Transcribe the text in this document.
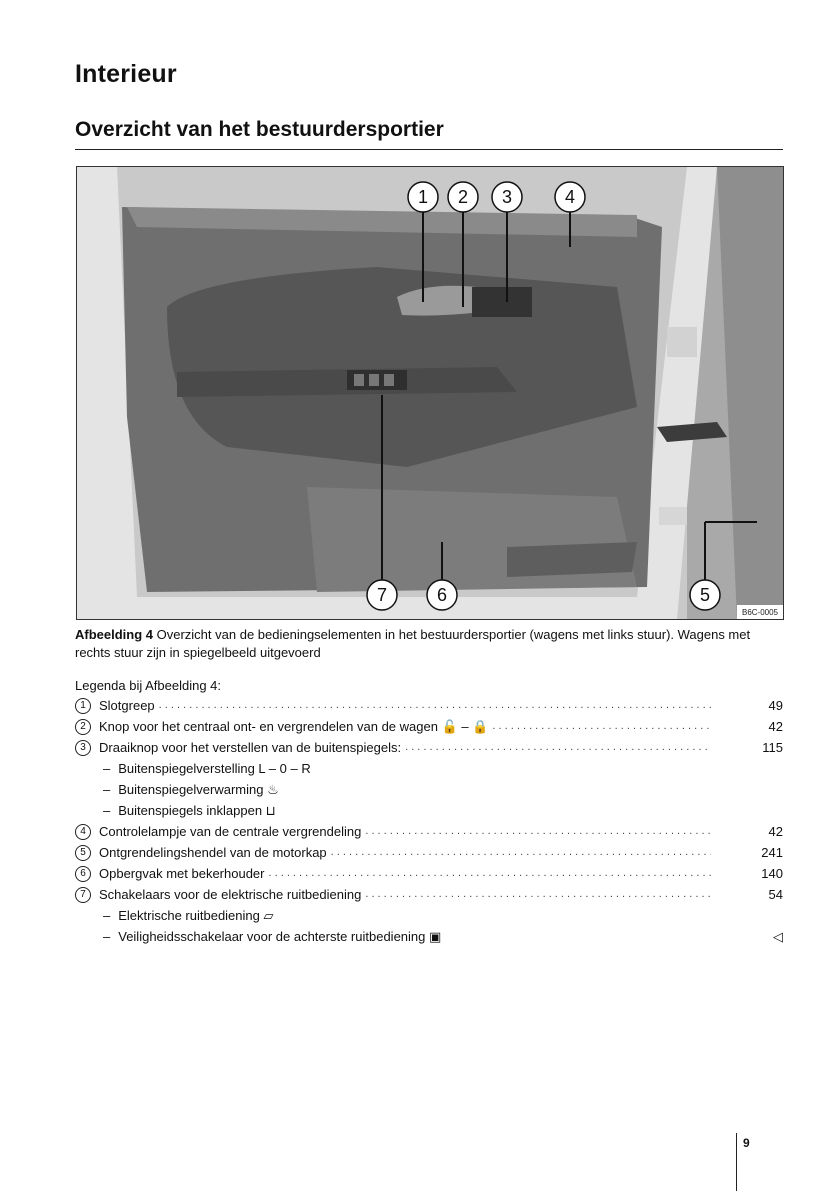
Interieur
Overzicht van het bestuurdersportier
1 2 3	4
5
6
7
B6C-0005
Afbeelding 4 Overzicht van de bedieningselementen in het bestuurdersportier (wagens met links stuur). Wagens met rechts stuur zijn in spiegelbeeld uitgevoerd
Legenda bij Afbeelding 4:
1	Slotgreep . . .	49
2	Knop voor het centraal ont- en vergrendelen van de wagen 🔓 – 🔒 . . .	42
3	Draaiknop voor het verstellen van de buitenspiegels: . . .	115
– Buitenspiegelverstelling L – 0 – R
– Buitenspiegelverwarming ♨
– Buitenspiegels inklappen ⊔
4	Controlelampje van de centrale vergrendeling . . .	42
5	Ontgrendelingshendel van de motorkap . . .	241
6	Opbergvak met bekerhouder . . .	140
7	Schakelaars voor de elektrische ruitbediening . . .	54
– Elektrische ruitbediening ▱
– Veiligheidsschakelaar voor de achterste ruitbediening ▣	◁
9
